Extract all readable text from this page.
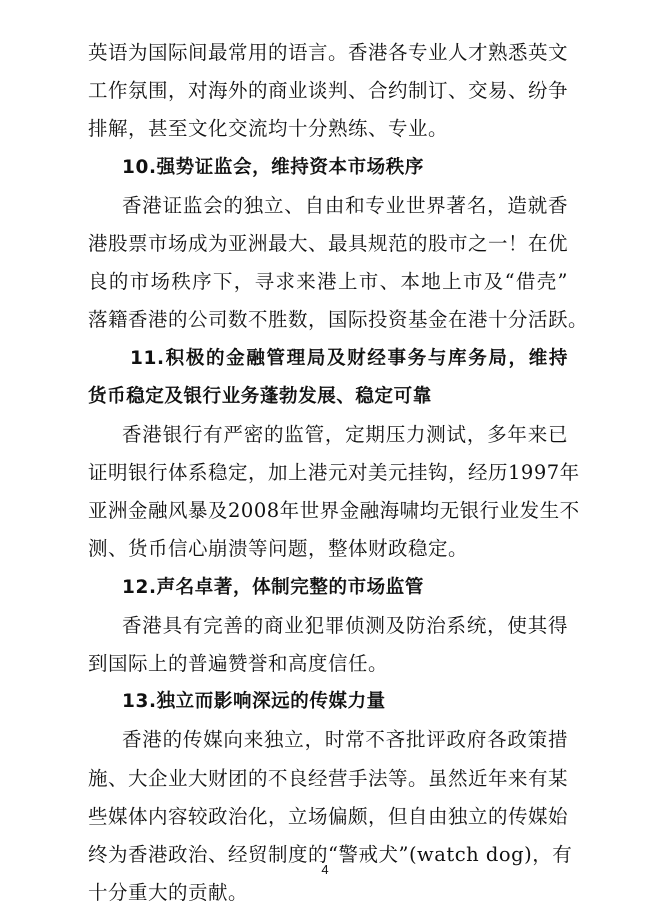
英语为国际间最常用的语言。香港各专业人才熟悉英文
工作氛围，对海外的商业谈判、合约制订、交易、纷争
排解，甚至文化交流均十分熟练、专业。
10.强势证监会，维持资本市场秩序
香港证监会的独立、自由和专业世界著名，造就香
港股票市场成为亚洲最大、最具规范的股市之一！在优
良的市场秩序下，寻求来港上市、本地上市及“借壳”
落籍香港的公司数不胜数，国际投资基金在港十分活跃。
11.积极的金融管理局及财经事务与库务局，维持
货币稳定及银行业务蓬勃发展、稳定可靠
香港银行有严密的监管，定期压力测试，多年来已
证明银行体系稳定，加上港元对美元挂钩，经历1997年
亚洲金融风暴及2008年世界金融海啸均无银行业发生不
测、货币信心崩溃等问题，整体财政稳定。
12.声名卓著，体制完整的市场监管
香港具有完善的商业犯罪侦测及防治系统，使其得
到国际上的普遍赞誉和高度信任。
13.独立而影响深远的传媒力量
香港的传媒向来独立，时常不吝批评政府各政策措
施、大企业大财团的不良经营手法等。虽然近年来有某
些媒体内容较政治化，立场偏颇，但自由独立的传媒始
终为香港政治、经贸制度的“警戒犬”(watch dog)，有
十分重大的贡献。
4
